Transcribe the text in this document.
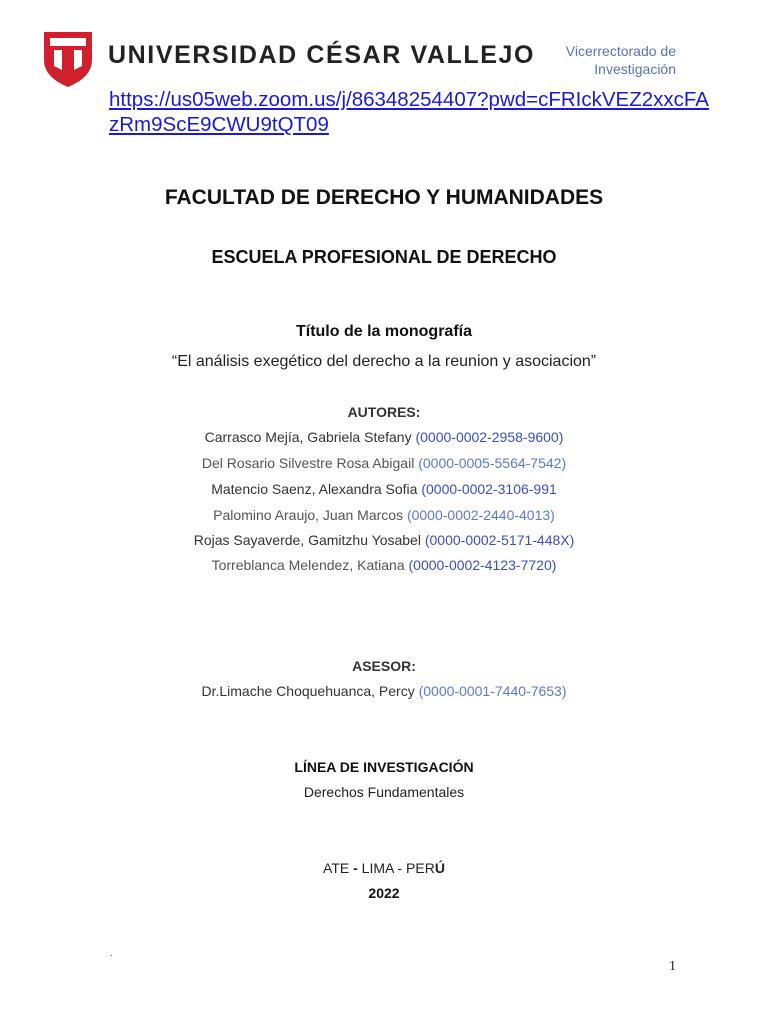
UNIVERSIDAD CÉSAR VALLEJO	Vicerrectorado de
Investigación
https://us05web.zoom.us/j/86348254407?pwd=cFRIckVEZ2xxcFAzRm9ScE9CWU9tQT09
FACULTAD DE DERECHO Y HUMANIDADES
ESCUELA PROFESIONAL DE DERECHO
Título de la monografía
“El análisis exegético del derecho a la reunion y asociacion”
AUTORES:
Carrasco Mejía, Gabriela Stefany (0000-0002-2958-9600)
Del Rosario Silvestre Rosa Abigail (0000-0005-5564-7542)
Matencio Saenz, Alexandra Sofia (0000-0002-3106-991
Palomino Araujo, Juan Marcos (0000-0002-2440-4013)
Rojas Sayaverde, Gamitzhu Yosabel (0000-0002-5171-448X)
Torreblanca Melendez, Katiana (0000-0002-4123-7720)
ASESOR:
Dr.Limache Choquehuanca, Percy (0000-0001-7440-7653)
LÍNEA DE INVESTIGACIÓN
Derechos Fundamentales
ATE - LIMA - PERÚ
2022
.
1
